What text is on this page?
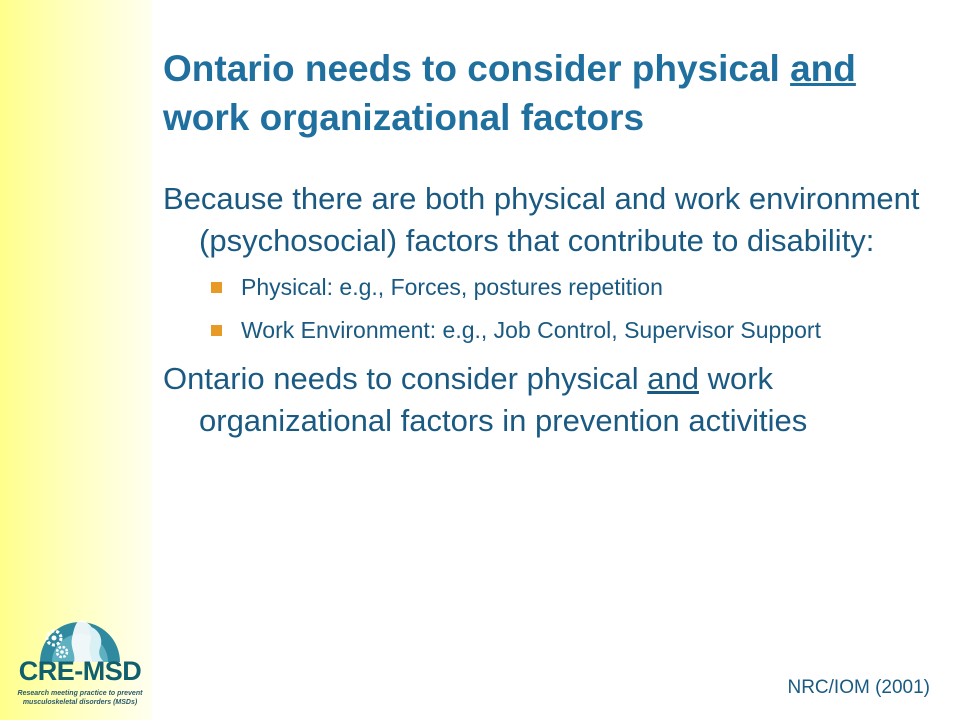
Ontario needs to consider physical and work organizational factors

Because there are both physical and work environment (psychosocial) factors that contribute to disability:

Physical: e.g., Forces, postures repetition
Work Environment: e.g., Job Control, Supervisor Support

Ontario needs to consider physical and work organizational factors in prevention activities

NRC/IOM (2001)
CRE-MSD
Research meeting practice to prevent
musculoskeletal disorders (MSDs)
